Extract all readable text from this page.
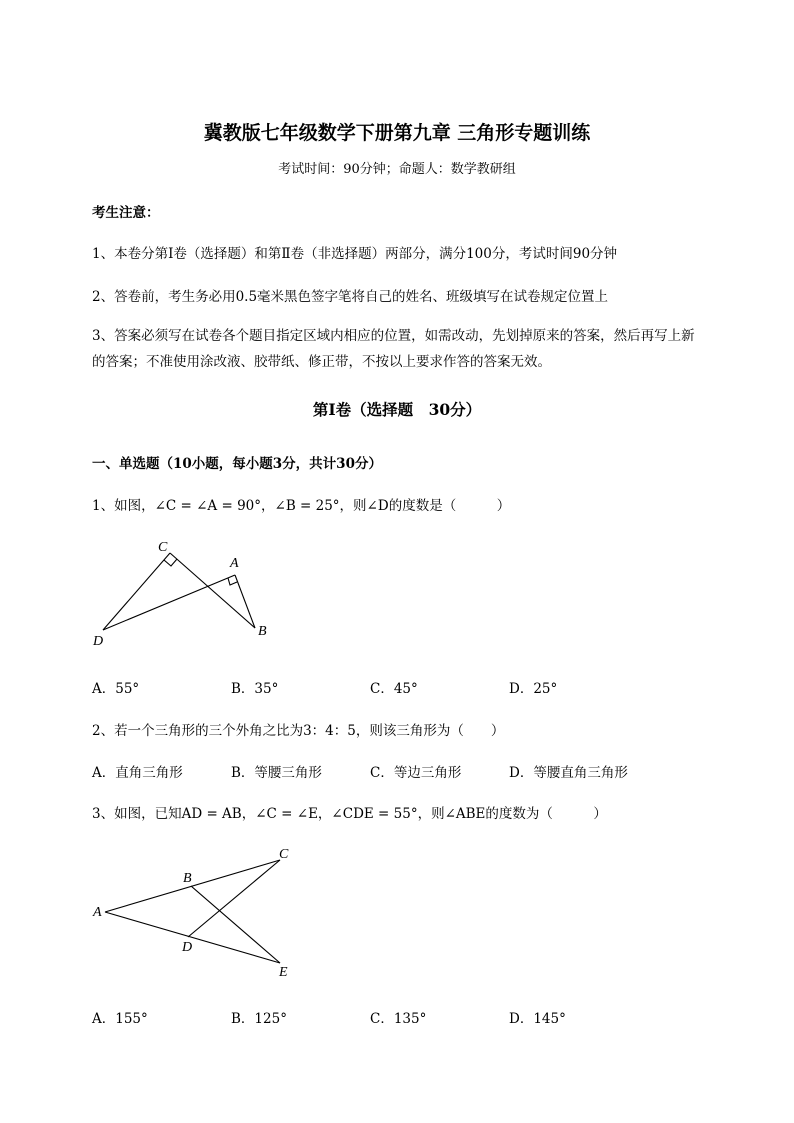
冀教版七年级数学下册第九章 三角形专题训练
考试时间：90分钟；命题人：数学教研组
考生注意：
1、本卷分第I卷（选择题）和第Ⅱ卷（非选择题）两部分，满分100分，考试时间90分钟
2、答卷前，考生务必用0.5毫米黑色签字笔将自己的姓名、班级填写在试卷规定位置上
3、答案必须写在试卷各个题目指定区域内相应的位置，如需改动，先划掉原来的答案，然后再写上新的答案；不准使用涂改液、胶带纸、修正带，不按以上要求作答的答案无效。
第I卷（选择题　30分）
一、单选题（10小题，每小题3分，共计30分）
1、如图，∠C = ∠A = 90°，∠B = 25°，则∠D的度数是（　　　）
C
A
D
B
A．55°	B．35°	C．45°	D．25°
2、若一个三角形的三个外角之比为3：4：5，则该三角形为（　　）
A．直角三角形	B．等腰三角形	C．等边三角形	D．等腰直角三角形
3、如图，已知AD = AB，∠C = ∠E，∠CDE = 55°，则∠ABE的度数为（　　　）
C
B
A
D
E
A．155°	B．125°	C．135°	D．145°
